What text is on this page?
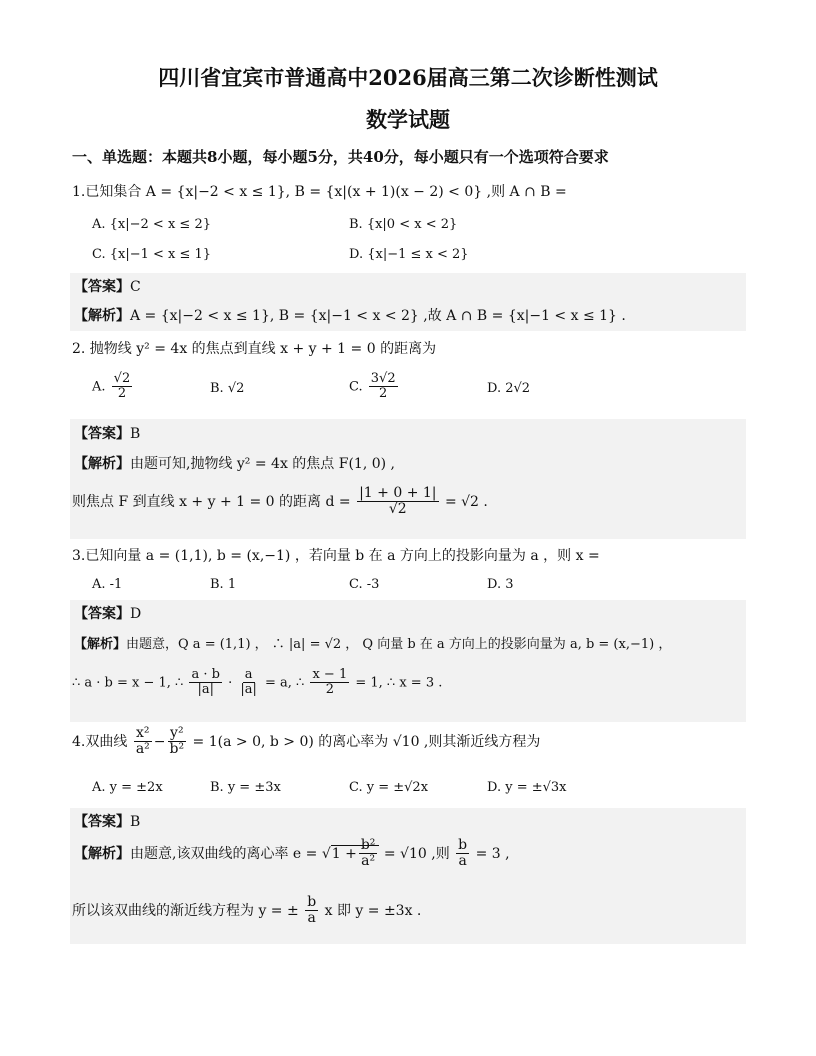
四川省宜宾市普通高中2026届高三第二次诊断性测试
数学试题
一、单选题：本题共8小题，每小题5分，共40分，每小题只有一个选项符合要求
1.已知集合 A = {x|−2 < x ≤ 1}, B = {x|(x + 1)(x − 2) < 0} ,则 A ∩ B =
A. {x|−2 < x ≤ 2}	B. {x|0 < x < 2}
C. {x|−1 < x ≤ 1}	D. {x|−1 ≤ x < 2}
【答案】C
【解析】A = {x|−2 < x ≤ 1}, B = {x|−1 < x < 2} ,故 A ∩ B = {x|−1 < x ≤ 1} .
2. 抛物线 y² = 4x 的焦点到直线 x + y + 1 = 0 的距离为
A. $\frac{√2}{2}$	B. √2	C. $\frac{3√2}{2}$	D. 2√2
【答案】B
【解析】由题可知,抛物线 y² = 4x 的焦点 F(1, 0) ,
则焦点 F 到直线 x + y + 1 = 0 的距离 $d = \frac{|1 + 0 + 1|}{√2} = √2$ .
3.已知向量 a = (1,1), b = (x,−1) ，若向量 b 在 a 方向上的投影向量为 a ，则 x =
A. -1	B. 1	C. -3	D. 3
【答案】D
【解析】由题意，Q a = (1,1) ， ∴ |a| = √2 ， Q 向量 b 在 a 方向上的投影向量为 a, b = (x,−1) ，
∴ a · b = x − 1, ∴ $\frac{a \cdot b}{|a|} \cdot \frac{a}{|a|} = a$, ∴ $\frac{x - 1}{2} = 1$, ∴ x = 3 .
4.双曲线 $\frac{\text{x²}}{\text{a²}} - \frac{\text{y²}}{\text{b²}} = 1(a > 0$, b > 0) 的离心率为 √10 ,则其渐近线方程为
A. y = ±2x	B. y = ±3x	C. y = ±√2x	D. y = ±√3x
【答案】B
【解析】由题意,该双曲线的离心率 $e = √1 + \frac{\text{b²}}{\text{a²}} = √10$ ,则 $\frac{b}{a} = 3$ ,
所以该双曲线的渐近线方程为 y = ± $\frac{b}{a}$ x 即 y = ±3x .
